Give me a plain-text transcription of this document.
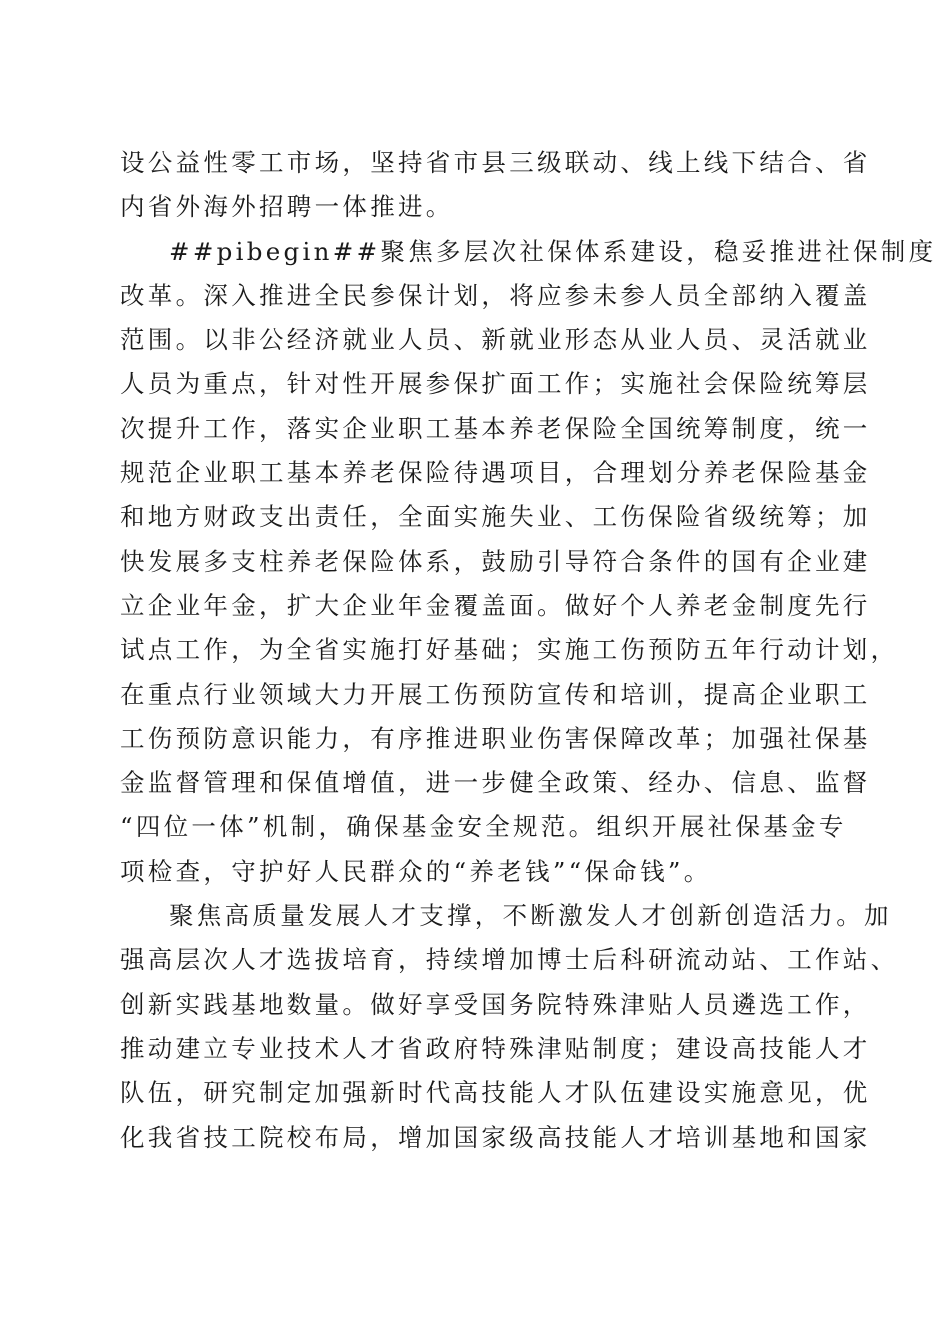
设公益性零工市场，坚持省市县三级联动、线上线下结合、省
内省外海外招聘一体推进。
##pibegin##聚焦多层次社保体系建设，稳妥推进社保制度
改革。深入推进全民参保计划，将应参未参人员全部纳入覆盖
范围。以非公经济就业人员、新就业形态从业人员、灵活就业
人员为重点，针对性开展参保扩面工作；实施社会保险统筹层
次提升工作，落实企业职工基本养老保险全国统筹制度，统一
规范企业职工基本养老保险待遇项目，合理划分养老保险基金
和地方财政支出责任，全面实施失业、工伤保险省级统筹；加
快发展多支柱养老保险体系，鼓励引导符合条件的国有企业建
立企业年金，扩大企业年金覆盖面。做好个人养老金制度先行
试点工作，为全省实施打好基础；实施工伤预防五年行动计划，
在重点行业领域大力开展工伤预防宣传和培训，提高企业职工
工伤预防意识能力，有序推进职业伤害保障改革；加强社保基
金监督管理和保值增值，进一步健全政策、经办、信息、监督
“四位一体”机制，确保基金安全规范。组织开展社保基金专
项检查，守护好人民群众的“养老钱”“保命钱”。
聚焦高质量发展人才支撑，不断激发人才创新创造活力。加
强高层次人才选拔培育，持续增加博士后科研流动站、工作站、
创新实践基地数量。做好享受国务院特殊津贴人员遴选工作，
推动建立专业技术人才省政府特殊津贴制度；建设高技能人才
队伍，研究制定加强新时代高技能人才队伍建设实施意见，优
化我省技工院校布局，增加国家级高技能人才培训基地和国家
